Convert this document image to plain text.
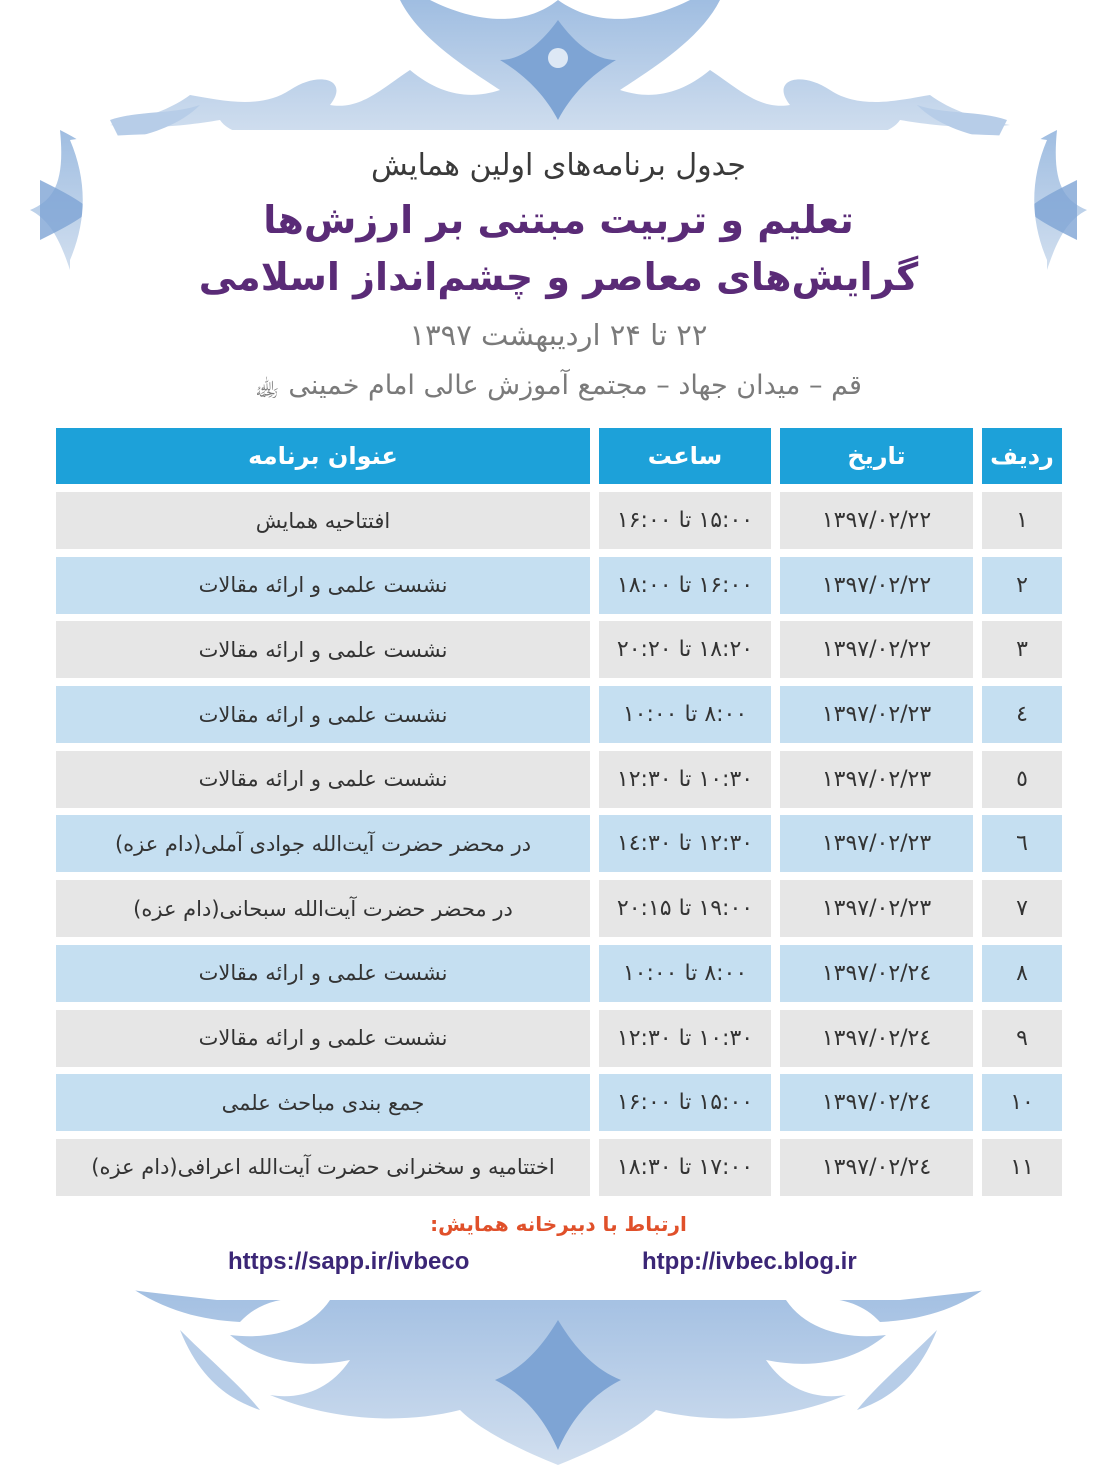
جدول برنامه‌های اولین همایش
تعلیم و تربیت مبتنی بر ارزش‌ها
گرایش‌های معاصر و چشم‌انداز اسلامی
۲۲ تا ۲۴ اردیبهشت ۱۳۹۷
قم – میدان جهاد – مجتمع آموزش عالی امام خمینی ﵀
ردیف
تاریخ
ساعت
عنوان برنامه
۱
۱۳۹۷/۰۲/۲۲
۱۵:۰۰ تا ۱۶:۰۰
افتتاحیه همایش
۲
۱۳۹۷/۰۲/۲۲
۱۶:۰۰ تا ۱۸:۰۰
نشست علمی و ارائه مقالات
۳
۱۳۹۷/۰۲/۲۲
۱۸:۲۰ تا ۲۰:۲۰
نشست علمی و ارائه مقالات
٤
۱۳۹۷/۰۲/۲۳
۸:۰۰ تا ۱۰:۰۰
نشست علمی و ارائه مقالات
٥
۱۳۹۷/۰۲/۲۳
۱۰:۳۰ تا ۱۲:۳۰
نشست علمی و ارائه مقالات
٦
۱۳۹۷/۰۲/۲۳
۱۲:۳۰ تا ۱٤:۳۰
در محضر حضرت آیت‌الله جوادی آملی(دام عزه)
۷
۱۳۹۷/۰۲/۲۳
۱۹:۰۰ تا ۲۰:۱۵
در محضر حضرت آیت‌الله سبحانی(دام عزه)
۸
۱۳۹۷/۰۲/۲٤
۸:۰۰ تا ۱۰:۰۰
نشست علمی و ارائه مقالات
۹
۱۳۹۷/۰۲/۲٤
۱۰:۳۰ تا ۱۲:۳۰
نشست علمی و ارائه مقالات
۱۰
۱۳۹۷/۰۲/۲٤
۱۵:۰۰ تا ۱۶:۰۰
جمع بندی مباحث علمی
۱۱
۱۳۹۷/۰۲/۲٤
۱۷:۰۰ تا ۱۸:۳۰
اختتامیه و سخنرانی حضرت آیت‌الله اعرافی(دام عزه)
ارتباط با دبیرخانه همایش:
https://sapp.ir/ivbeco	htpp://ivbec.blog.ir
